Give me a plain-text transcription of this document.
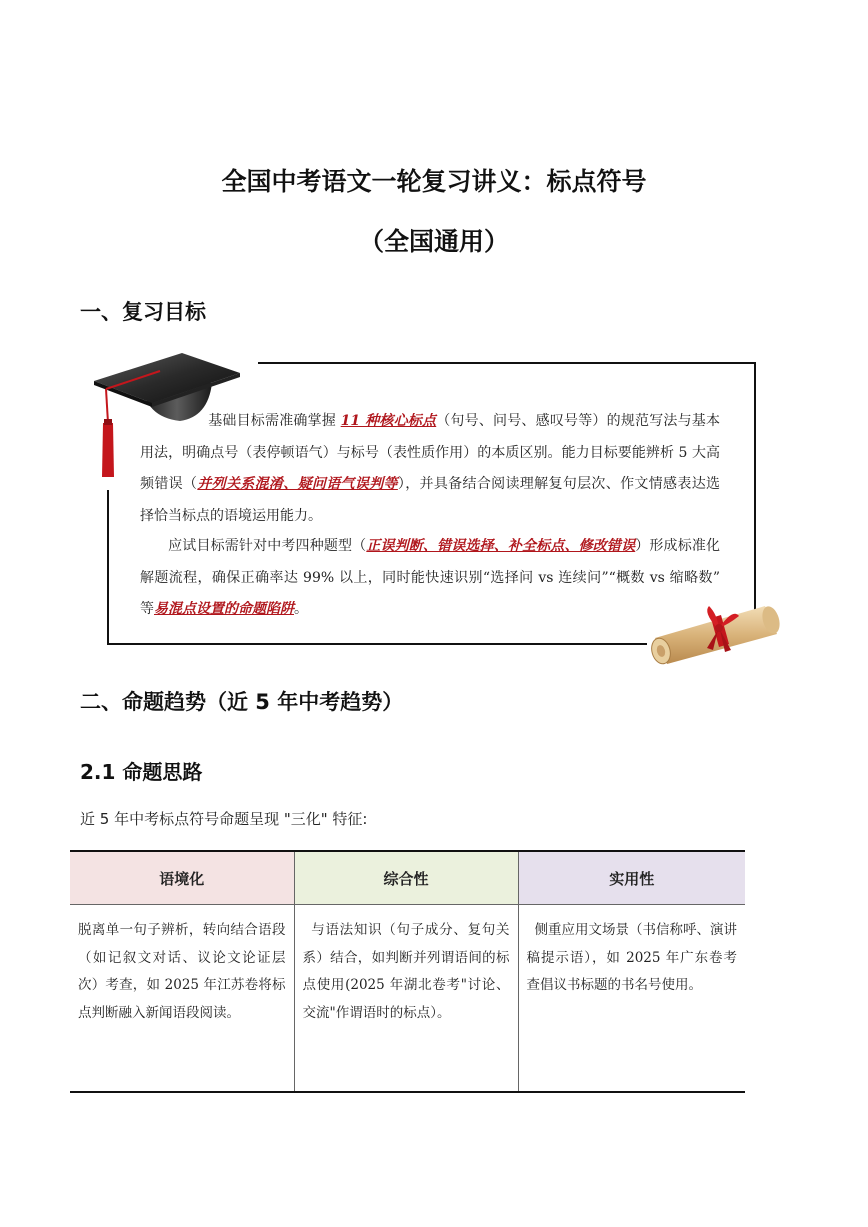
全国中考语文一轮复习讲义：标点符号
（全国通用）
一、复习目标
基础目标需准确掌握 11 种核心标点（句号、问号、感叹号等）的规范写法与基本用法，明确点号（表停顿语气）与标号（表性质作用）的本质区别。能力目标要能辨析 5 大高频错误（并列关系混淆、疑问语气误判等），并具备结合阅读理解复句层次、作文情感表达选择恰当标点的语境运用能力。
应试目标需针对中考四种题型（正误判断、错误选择、补全标点、修改错误）形成标准化解题流程，确保正确率达 99% 以上，同时能快速识别“选择问 vs 连续问”“概数 vs 缩略数” 等易混点设置的命题陷阱。
二、命题趋势（近 5 年中考趋势）
2.1 命题思路
近 5 年中考标点符号命题呈现 "三化" 特征:
语境化	综合性	实用性
脱离单一句子辨析，转向结合语段（如记叙文对话、议论文论证层次）考查，如 2025 年江苏卷将标点判断融入新闻语段阅读。	与语法知识（句子成分、复句关系）结合，如判断并列谓语间的标点使用(2025 年湖北卷考"讨论、交流"作谓语时的标点）。	侧重应用文场景（书信称呼、演讲稿提示语），如 2025 年广东卷考查倡议书标题的书名号使用。
